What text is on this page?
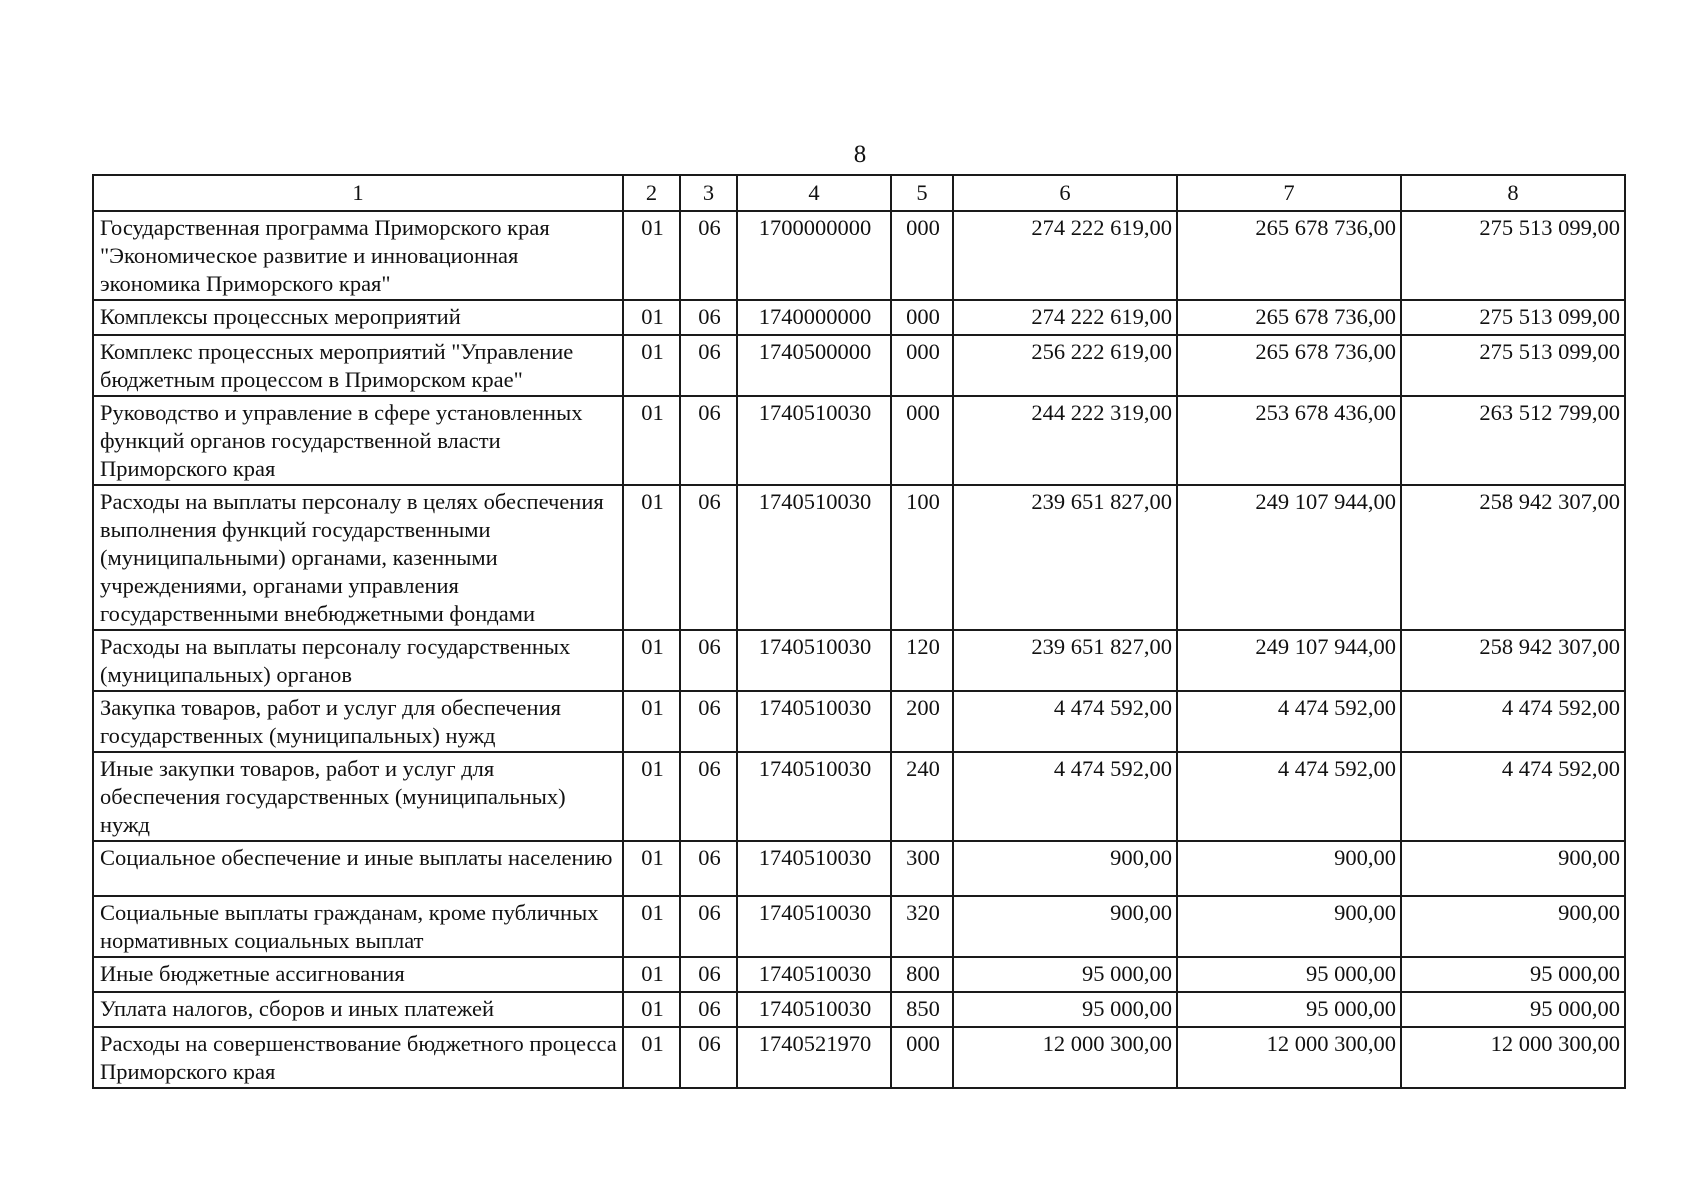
8
1	2	3	4	5	6	7	8
Государственная программа Приморского края "Экономическое развитие и инновационная экономика Приморского края"	01	06	1700000000	000	274 222 619,00	265 678 736,00	275 513 099,00
Комплексы процессных мероприятий	01	06	1740000000	000	274 222 619,00	265 678 736,00	275 513 099,00
Комплекс процессных мероприятий "Управление бюджетным процессом в Приморском крае"	01	06	1740500000	000	256 222 619,00	265 678 736,00	275 513 099,00
Руководство и управление в сфере установленных функций органов государственной власти Приморского края	01	06	1740510030	000	244 222 319,00	253 678 436,00	263 512 799,00
Расходы на выплаты персоналу в целях обеспечения выполнения функций государственными (муниципальными) органами, казенными учреждениями, органами управления государственными внебюджетными фондами	01	06	1740510030	100	239 651 827,00	249 107 944,00	258 942 307,00
Расходы на выплаты персоналу государственных (муниципальных) органов	01	06	1740510030	120	239 651 827,00	249 107 944,00	258 942 307,00
Закупка товаров, работ и услуг для обеспечения государственных (муниципальных) нужд	01	06	1740510030	200	4 474 592,00	4 474 592,00	4 474 592,00
Иные закупки товаров, работ и услуг для обеспечения государственных (муниципальных) нужд	01	06	1740510030	240	4 474 592,00	4 474 592,00	4 474 592,00
Социальное обеспечение и иные выплаты населению	01	06	1740510030	300	900,00	900,00	900,00
Социальные выплаты гражданам, кроме публичных нормативных социальных выплат	01	06	1740510030	320	900,00	900,00	900,00
Иные бюджетные ассигнования	01	06	1740510030	800	95 000,00	95 000,00	95 000,00
Уплата налогов, сборов и иных платежей	01	06	1740510030	850	95 000,00	95 000,00	95 000,00
Расходы на совершенствование бюджетного процесса Приморского края	01	06	1740521970	000	12 000 300,00	12 000 300,00	12 000 300,00
